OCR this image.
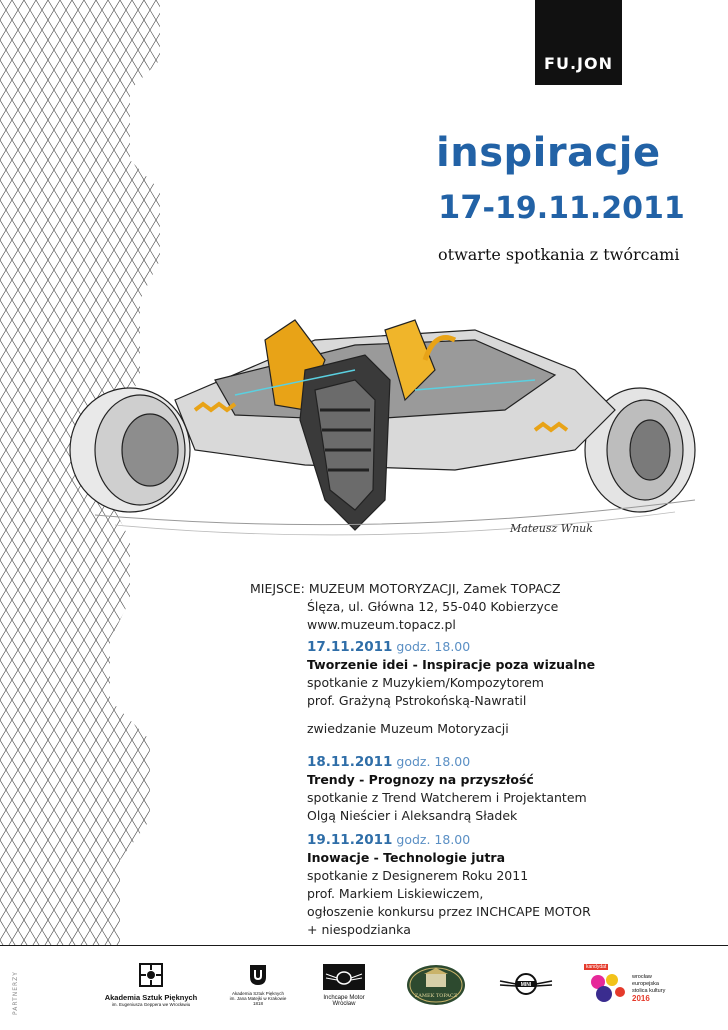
FU.JON
inspiracje
17-19.11.2011
otwarte spotkania z twórcami
Mateusz Wnuk
MIEJSCE: MUZEUM MOTORYZACJI, Zamek TOPACZ
Ślęza, ul. Główna 12, 55-040 Kobierzyce
www.muzeum.topacz.pl
17.11.2011 godz. 18.00
Tworzenie idei - Inspiracje poza wizualne
spotkanie z Muzykiem/Kompozytorem
prof. Grażyną Pstrokońską-Nawratil
zwiedzanie Muzeum Motoryzacji
18.11.2011 godz. 18.00
Trendy - Prognozy na przyszłość
spotkanie z Trend Watcherem i Projektantem
Olgą Nieścier i Aleksandrą Sładek
19.11.2011 godz. 18.00
Inowacje - Technologie jutra
spotkanie z Designerem Roku 2011
prof. Markiem Liskiewiczem,
ogłoszenie konkursu przez INCHCAPE MOTOR
+ niespodzianka
PARTNERZY	Akademia Sztuk Pięknych
im. Eugeniusza Geppera we Wrocławiu
Akademia Sztuk Pięknych
im. Jana Matejki w Krakowie
1818
Inchcape Motor
Wrocław
ZAMEK TOPACZ
MINI
kandydat
wrocław
europejska
stolica kultury
2016
